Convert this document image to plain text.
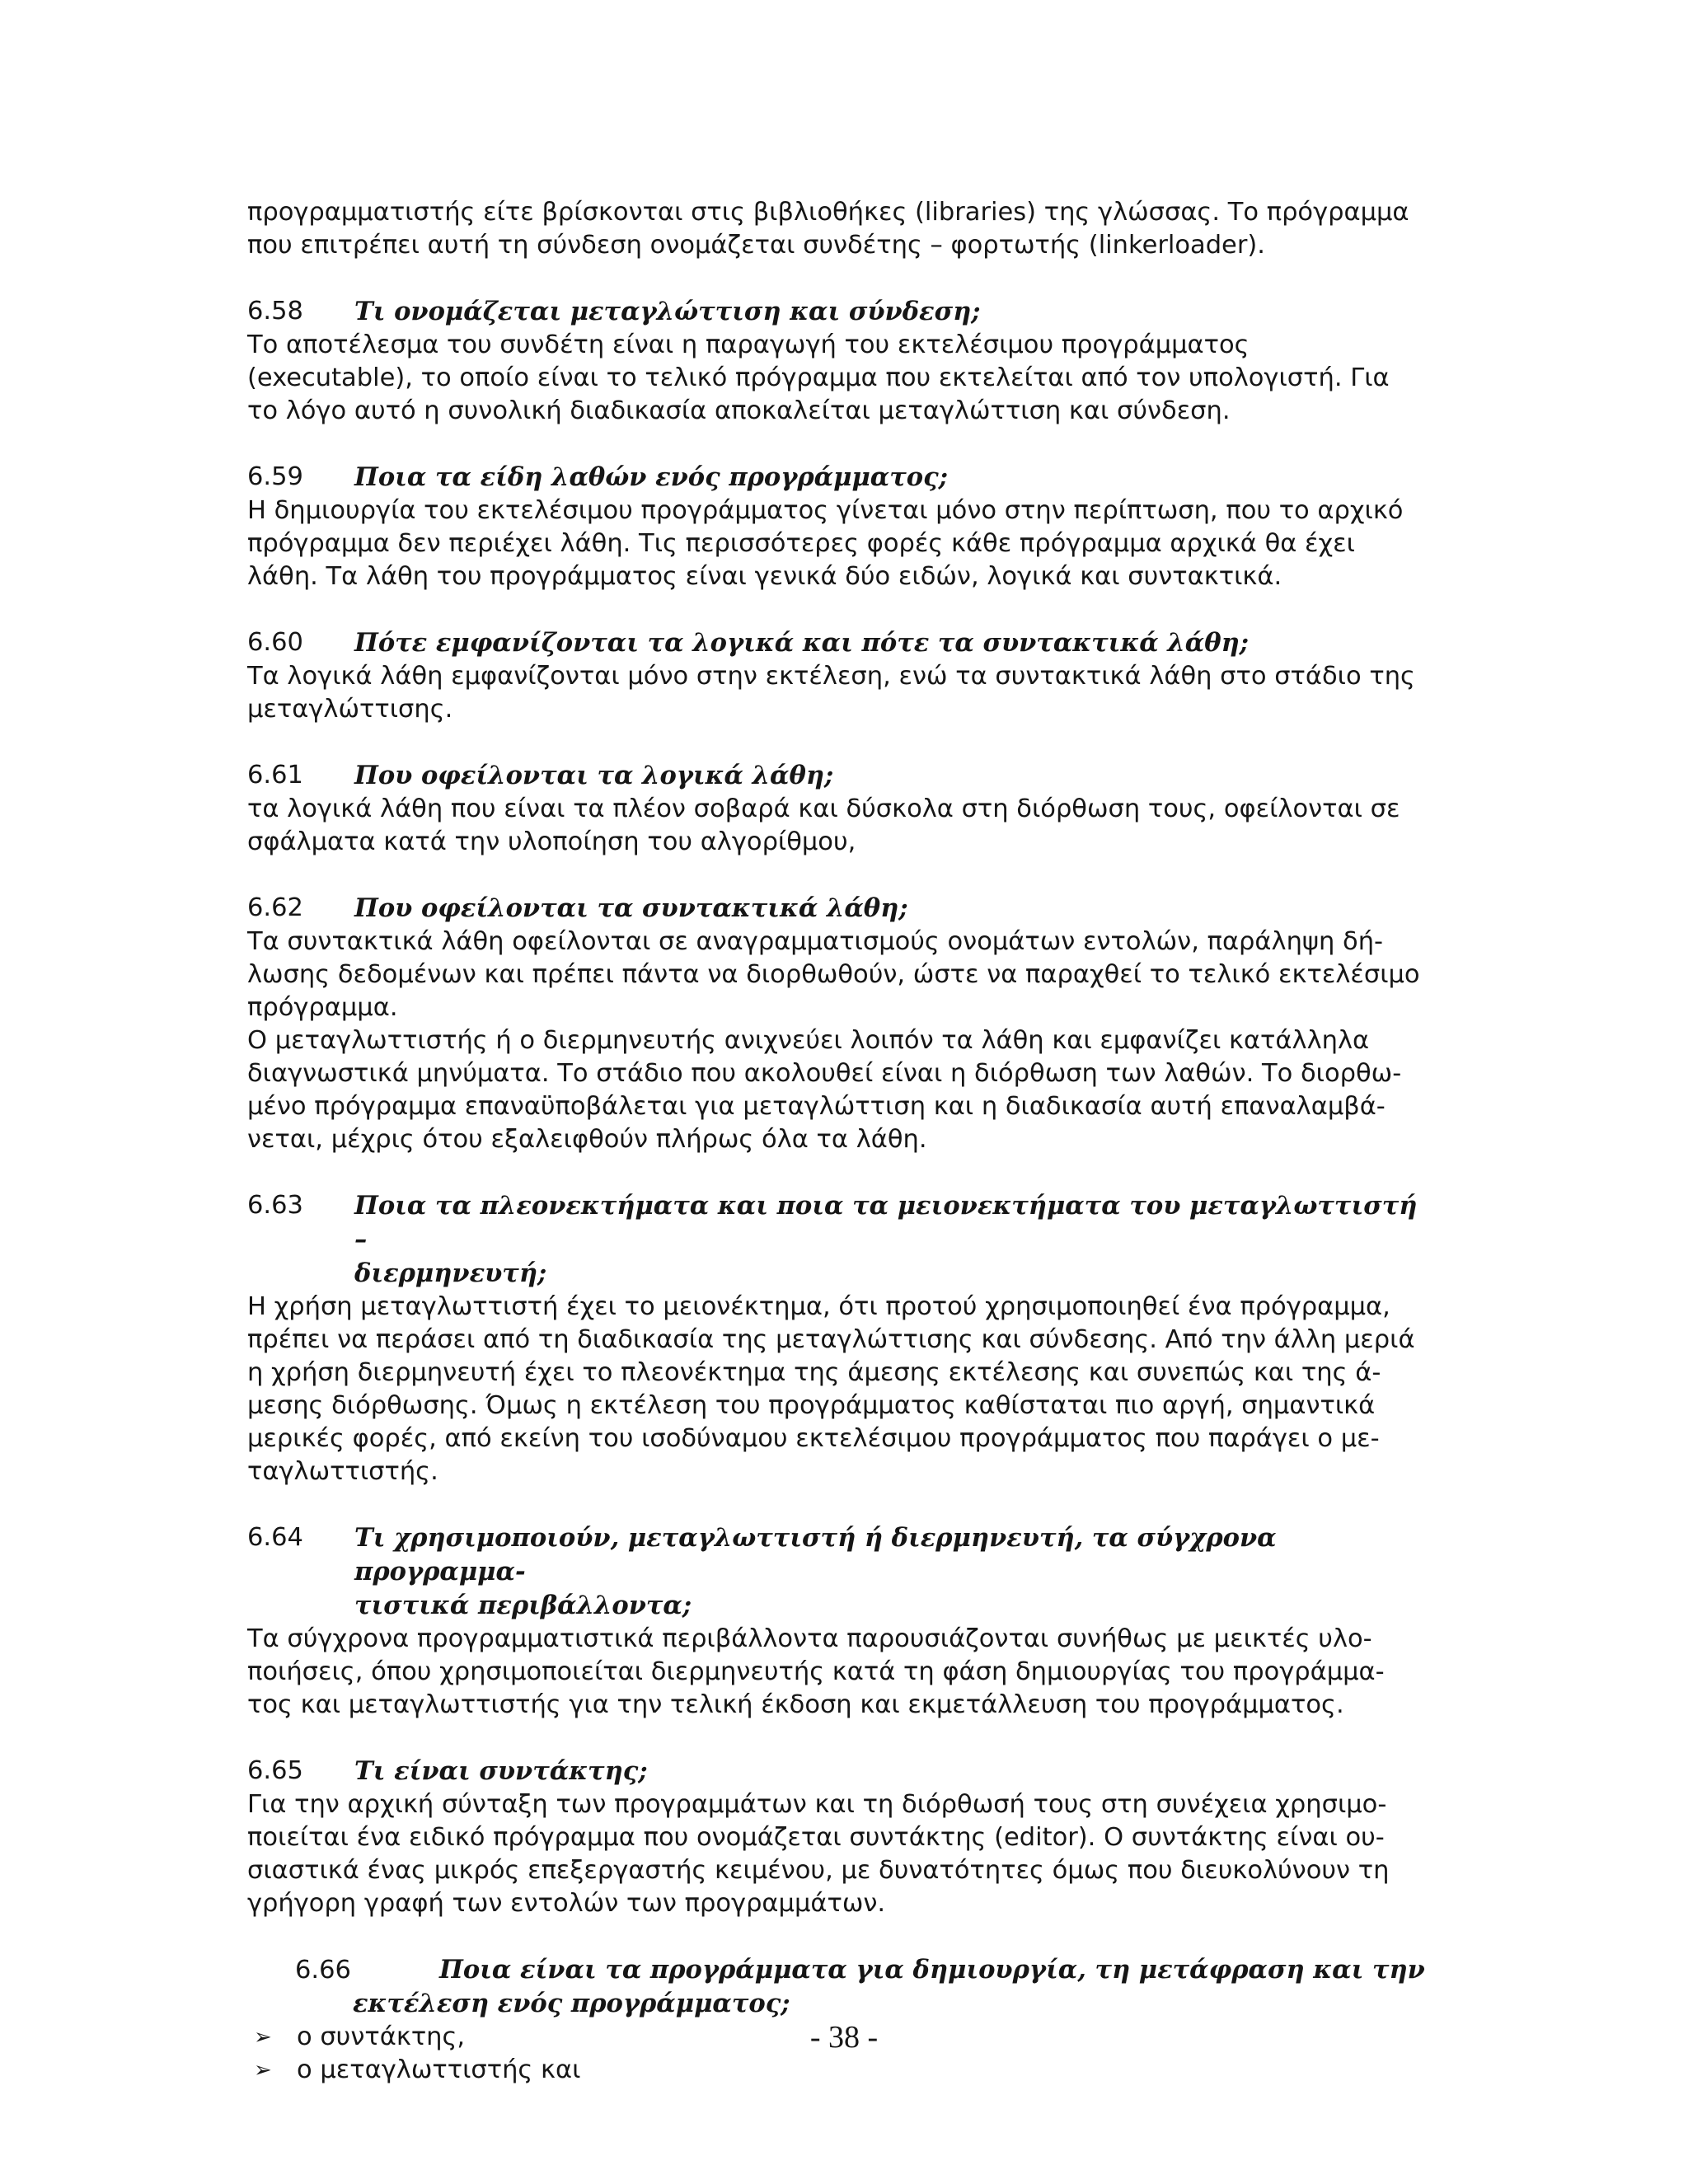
προγραμματιστής είτε βρίσκονται στις βιβλιοθήκες (libraries) της γλώσσας. Το πρόγραμμα
που επιτρέπει αυτή τη σύνδεση ονομάζεται συνδέτης – φορτωτής (linkerloader).

6.58 Τι ονομάζεται μεταγλώττιση και σύνδεση;

Το αποτέλεσμα του συνδέτη είναι η παραγωγή του εκτελέσιμου προγράμματος
(executable), το οποίο είναι το τελικό πρόγραμμα που εκτελείται από τον υπολογιστή. Για
το λόγο αυτό η συνολική διαδικασία αποκαλείται μεταγλώττιση και σύνδεση.

6.59 Ποια τα είδη λαθών ενός προγράμματος;

Η δημιουργία του εκτελέσιμου προγράμματος γίνεται μόνο στην περίπτωση, που το αρχικό
πρόγραμμα δεν περιέχει λάθη. Τις περισσότερες φορές κάθε πρόγραμμα αρχικά θα έχει
λάθη. Τα λάθη του προγράμματος είναι γενικά δύο ειδών, λογικά και συντακτικά.

6.60 Πότε εμφανίζονται τα λογικά και πότε τα συντακτικά λάθη;

Τα λογικά λάθη εμφανίζονται μόνο στην εκτέλεση, ενώ τα συντακτικά λάθη στο στάδιο της
μεταγλώττισης.

6.61 Που οφείλονται τα λογικά λάθη;

τα λογικά λάθη που είναι τα πλέον σοβαρά και δύσκολα στη διόρθωση τους, οφείλονται σε
σφάλματα κατά την υλοποίηση του αλγορίθμου,

6.62 Που οφείλονται τα συντακτικά λάθη;

Τα συντακτικά λάθη οφείλονται σε αναγραμματισμούς ονομάτων εντολών, παράληψη δή-
λωσης δεδομένων και πρέπει πάντα να διορθωθούν, ώστε να παραχθεί το τελικό εκτελέσιμο
πρόγραμμα.
Ο μεταγλωττιστής ή ο διερμηνευτής ανιχνεύει λοιπόν τα λάθη και εμφανίζει κατάλληλα
διαγνωστικά μηνύματα. Το στάδιο που ακολουθεί είναι η διόρθωση των λαθών. Το διορθω-
μένο πρόγραμμα επαναϋποβάλεται για μεταγλώττιση και η διαδικασία αυτή επαναλαμβά-
νεται, μέχρις ότου εξαλειφθούν πλήρως όλα τα λάθη.

6.63 Ποια τα πλεονεκτήματα και ποια τα μειονεκτήματα του μεταγλωττιστή –
διερμηνευτή;

Η χρήση μεταγλωττιστή έχει το μειονέκτημα, ότι προτού χρησιμοποιηθεί ένα πρόγραμμα,
πρέπει να περάσει από τη διαδικασία της μεταγλώττισης και σύνδεσης. Από την άλλη μεριά
η χρήση διερμηνευτή έχει το πλεονέκτημα της άμεσης εκτέλεσης και συνεπώς και της ά-
μεσης διόρθωσης. Όμως η εκτέλεση του προγράμματος καθίσταται πιο αργή, σημαντικά
μερικές φορές, από εκείνη του ισοδύναμου εκτελέσιμου προγράμματος που παράγει ο με-
ταγλωττιστής.

6.64 Τι χρησιμοποιούν, μεταγλωττιστή ή διερμηνευτή, τα σύγχρονα προγραμμα-
τιστικά περιβάλλοντα;

Τα σύγχρονα προγραμματιστικά περιβάλλοντα παρουσιάζονται συνήθως με μεικτές υλο-
ποιήσεις, όπου χρησιμοποιείται διερμηνευτής κατά τη φάση δημιουργίας του προγράμμα-
τος και μεταγλωττιστής για την τελική έκδοση και εκμετάλλευση του προγράμματος.

6.65 Τι είναι συντάκτης;

Για την αρχική σύνταξη των προγραμμάτων και τη διόρθωσή τους στη συνέχεια χρησιμο-
ποιείται ένα ειδικό πρόγραμμα που ονομάζεται συντάκτης (editor). Ο συντάκτης είναι ου-
σιαστικά ένας μικρός επεξεργαστής κειμένου, με δυνατότητες όμως που διευκολύνουν τη
γρήγορη γραφή των εντολών των προγραμμάτων.

6.66	Ποια είναι τα προγράμματα για δημιουργία, τη μετάφραση και την
εκτέλεση ενός προγράμματος;

➢ ο συντάκτης,
➢ ο μεταγλωττιστής και
- 38 -
